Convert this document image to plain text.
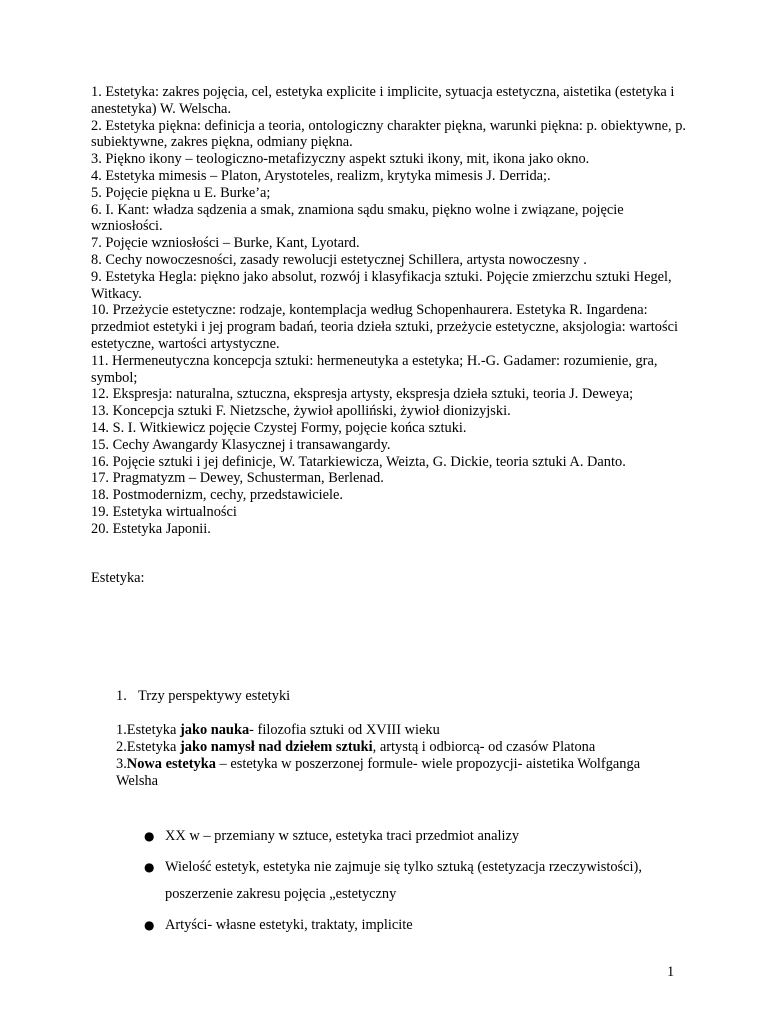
1. Estetyka: zakres pojęcia, cel, estetyka explicite i implicite, sytuacja estetyczna, aistetika (estetyka i anestetyka) W. Welscha.
2. Estetyka piękna: definicja a teoria, ontologiczny charakter piękna, warunki piękna: p. obiektywne, p. subiektywne, zakres piękna, odmiany piękna.
3. Piękno ikony – teologiczno-metafizyczny aspekt sztuki ikony, mit, ikona jako okno.
4. Estetyka mimesis – Platon, Arystoteles, realizm, krytyka mimesis J. Derrida;.
5. Pojęcie piękna u E. Burke’a;
6. I. Kant: władza sądzenia a smak, znamiona sądu smaku, piękno wolne i związane, pojęcie wzniosłości.
7. Pojęcie wzniosłości – Burke, Kant, Lyotard.
8. Cechy nowoczesności, zasady rewolucji estetycznej Schillera, artysta nowoczesny .
9. Estetyka Hegla: piękno jako absolut, rozwój i klasyfikacja sztuki. Pojęcie zmierzchu sztuki Hegel, Witkacy.
10. Przeżycie estetyczne: rodzaje, kontemplacja według Schopenhaurera. Estetyka R. Ingardena: przedmiot estetyki i jej program badań, teoria dzieła sztuki, przeżycie estetyczne, aksjologia: wartości estetyczne, wartości artystyczne.
11. Hermeneutyczna koncepcja sztuki: hermeneutyka a estetyka; H.-G. Gadamer: rozumienie, gra, symbol;
12. Ekspresja: naturalna, sztuczna, ekspresja artysty, ekspresja dzieła sztuki, teoria J. Deweya;
13. Koncepcja sztuki F. Nietzsche, żywioł apolliński, żywioł dionizyjski.
14. S. I. Witkiewicz pojęcie Czystej Formy, pojęcie końca sztuki.
15. Cechy Awangardy Klasycznej i transawangardy.
16. Pojęcie sztuki i jej definicje, W. Tatarkiewicza, Weizta, G. Dickie, teoria sztuki A. Danto.
17. Pragmatyzm – Dewey, Schusterman, Berlenad.
18. Postmodernizm, cechy, przedstawiciele.
19. Estetyka wirtualności
20. Estetyka Japonii.
Estetyka:
1. Trzy perspektywy estetyki
1.Estetyka jako nauka- filozofia sztuki od XVIII wieku
2.Estetyka jako namysł nad dziełem sztuki, artystą i odbiorcą- od czasów Platona
3.Nowa estetyka – estetyka w poszerzonej formule- wiele propozycji- aistetika Wolfganga Welsha
● XX w – przemiany w sztuce, estetyka traci przedmiot analizy
● Wielość estetyk, estetyka nie zajmuje się tylko sztuką (estetyzacja rzeczywistości), poszerzenie zakresu pojęcia „estetyczny
● Artyści- własne estetyki, traktaty, implicite
1
